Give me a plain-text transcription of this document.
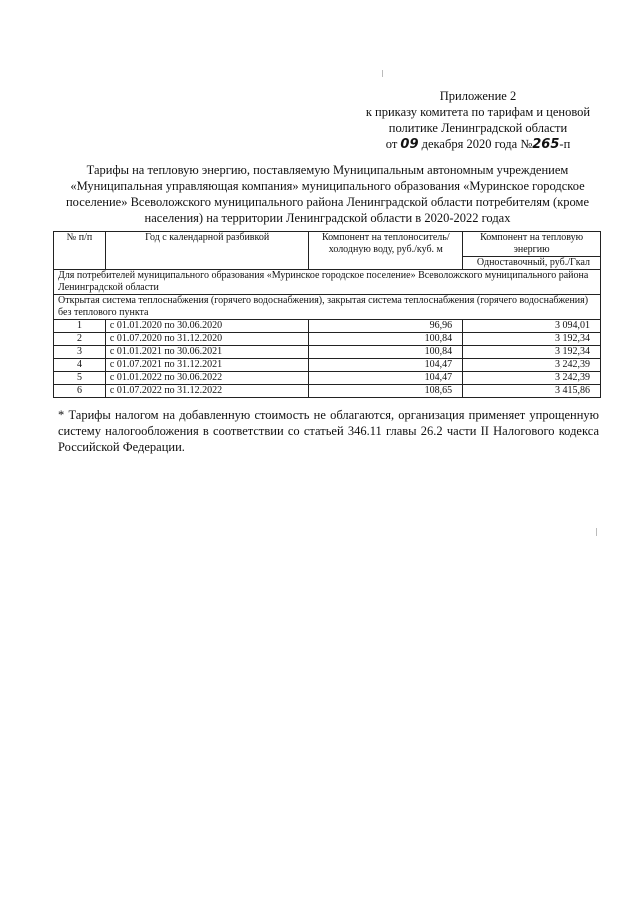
Приложение 2
к приказу комитета по тарифам и ценовой
политике Ленинградской области
от 09 декабря 2020 года №265-п
Тарифы на тепловую энергию, поставляемую Муниципальным автономным учреждением
«Муниципальная управляющая компания» муниципального образования «Муринское городское
поселение» Всеволожского муниципального района Ленинградской области потребителям (кроме
населения) на территории Ленинградской области в 2020-2022 годах
№ п/п	Год с календарной разбивкой	Компонент на теплоноситель/ холодную воду, руб./куб. м	Компонент на тепловую энергию
			Одноставочный, руб./Гкал
Для потребителей муниципального образования «Муринское городское поселение» Всеволожского муниципального района Ленинградской области			
Открытая система теплоснабжения (горячего водоснабжения), закрытая система теплоснабжения (горячего водоснабжения) без теплового пункта			
1	с 01.01.2020 по 30.06.2020	96,96	3 094,01
2	с 01.07.2020 по 31.12.2020	100,84	3 192,34
3	с 01.01.2021 по 30.06.2021	100,84	3 192,34
4	с 01.07.2021 по 31.12.2021	104,47	3 242,39
5	с 01.01.2022 по 30.06.2022	104,47	3 242,39
6	с 01.07.2022 по 31.12.2022	108,65	3 415,86
* Тарифы налогом на добавленную стоимость не облагаются, организация применяет упрощенную систему налогообложения в соответствии со статьей 346.11 главы 26.2 части II Налогового кодекса Российской Федерации.
